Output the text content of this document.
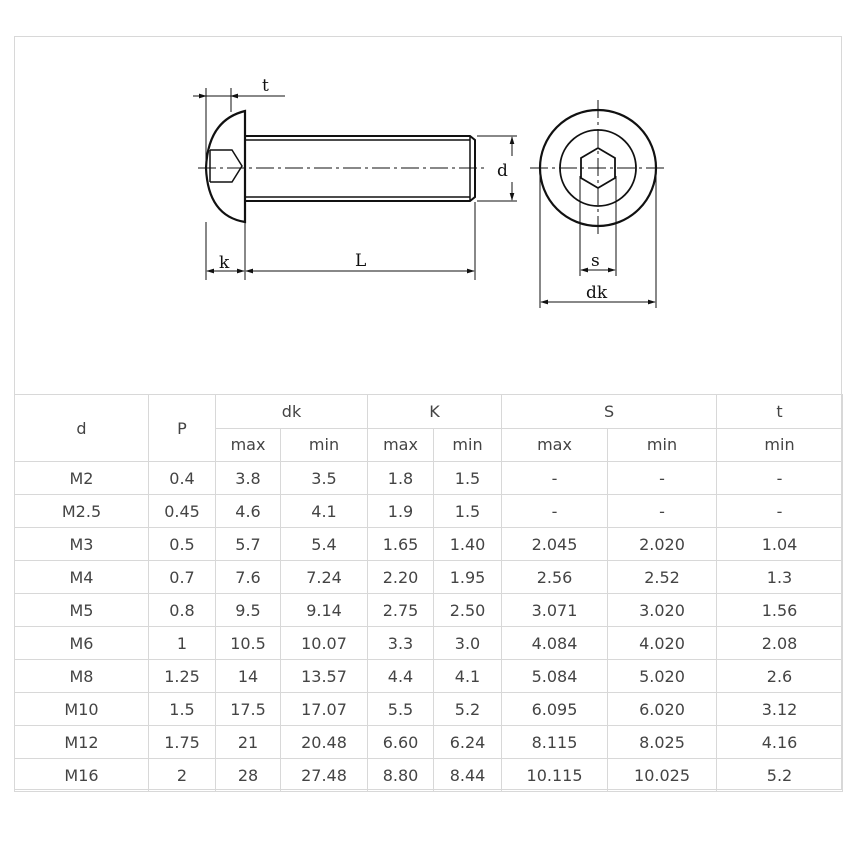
t
d
k	L	s
dk
d	P	dk		K		S		t
		max	min	max	min	max	min	min
M2	0.4	3.8	3.5	1.8	1.5	-	-	-
M2.5	0.45	4.6	4.1	1.9	1.5	-	-	-
M3	0.5	5.7	5.4	1.65	1.40	2.045	2.020	1.04
M4	0.7	7.6	7.24	2.20	1.95	2.56	2.52	1.3
M5	0.8	9.5	9.14	2.75	2.50	3.071	3.020	1.56
M6	1	10.5	10.07	3.3	3.0	4.084	4.020	2.08
M8	1.25	14	13.57	4.4	4.1	5.084	5.020	2.6
M10	1.5	17.5	17.07	5.5	5.2	6.095	6.020	3.12
M12	1.75	21	20.48	6.60	6.24	8.115	8.025	4.16
M16	2	28	27.48	8.80	8.44	10.115	10.025	5.2
